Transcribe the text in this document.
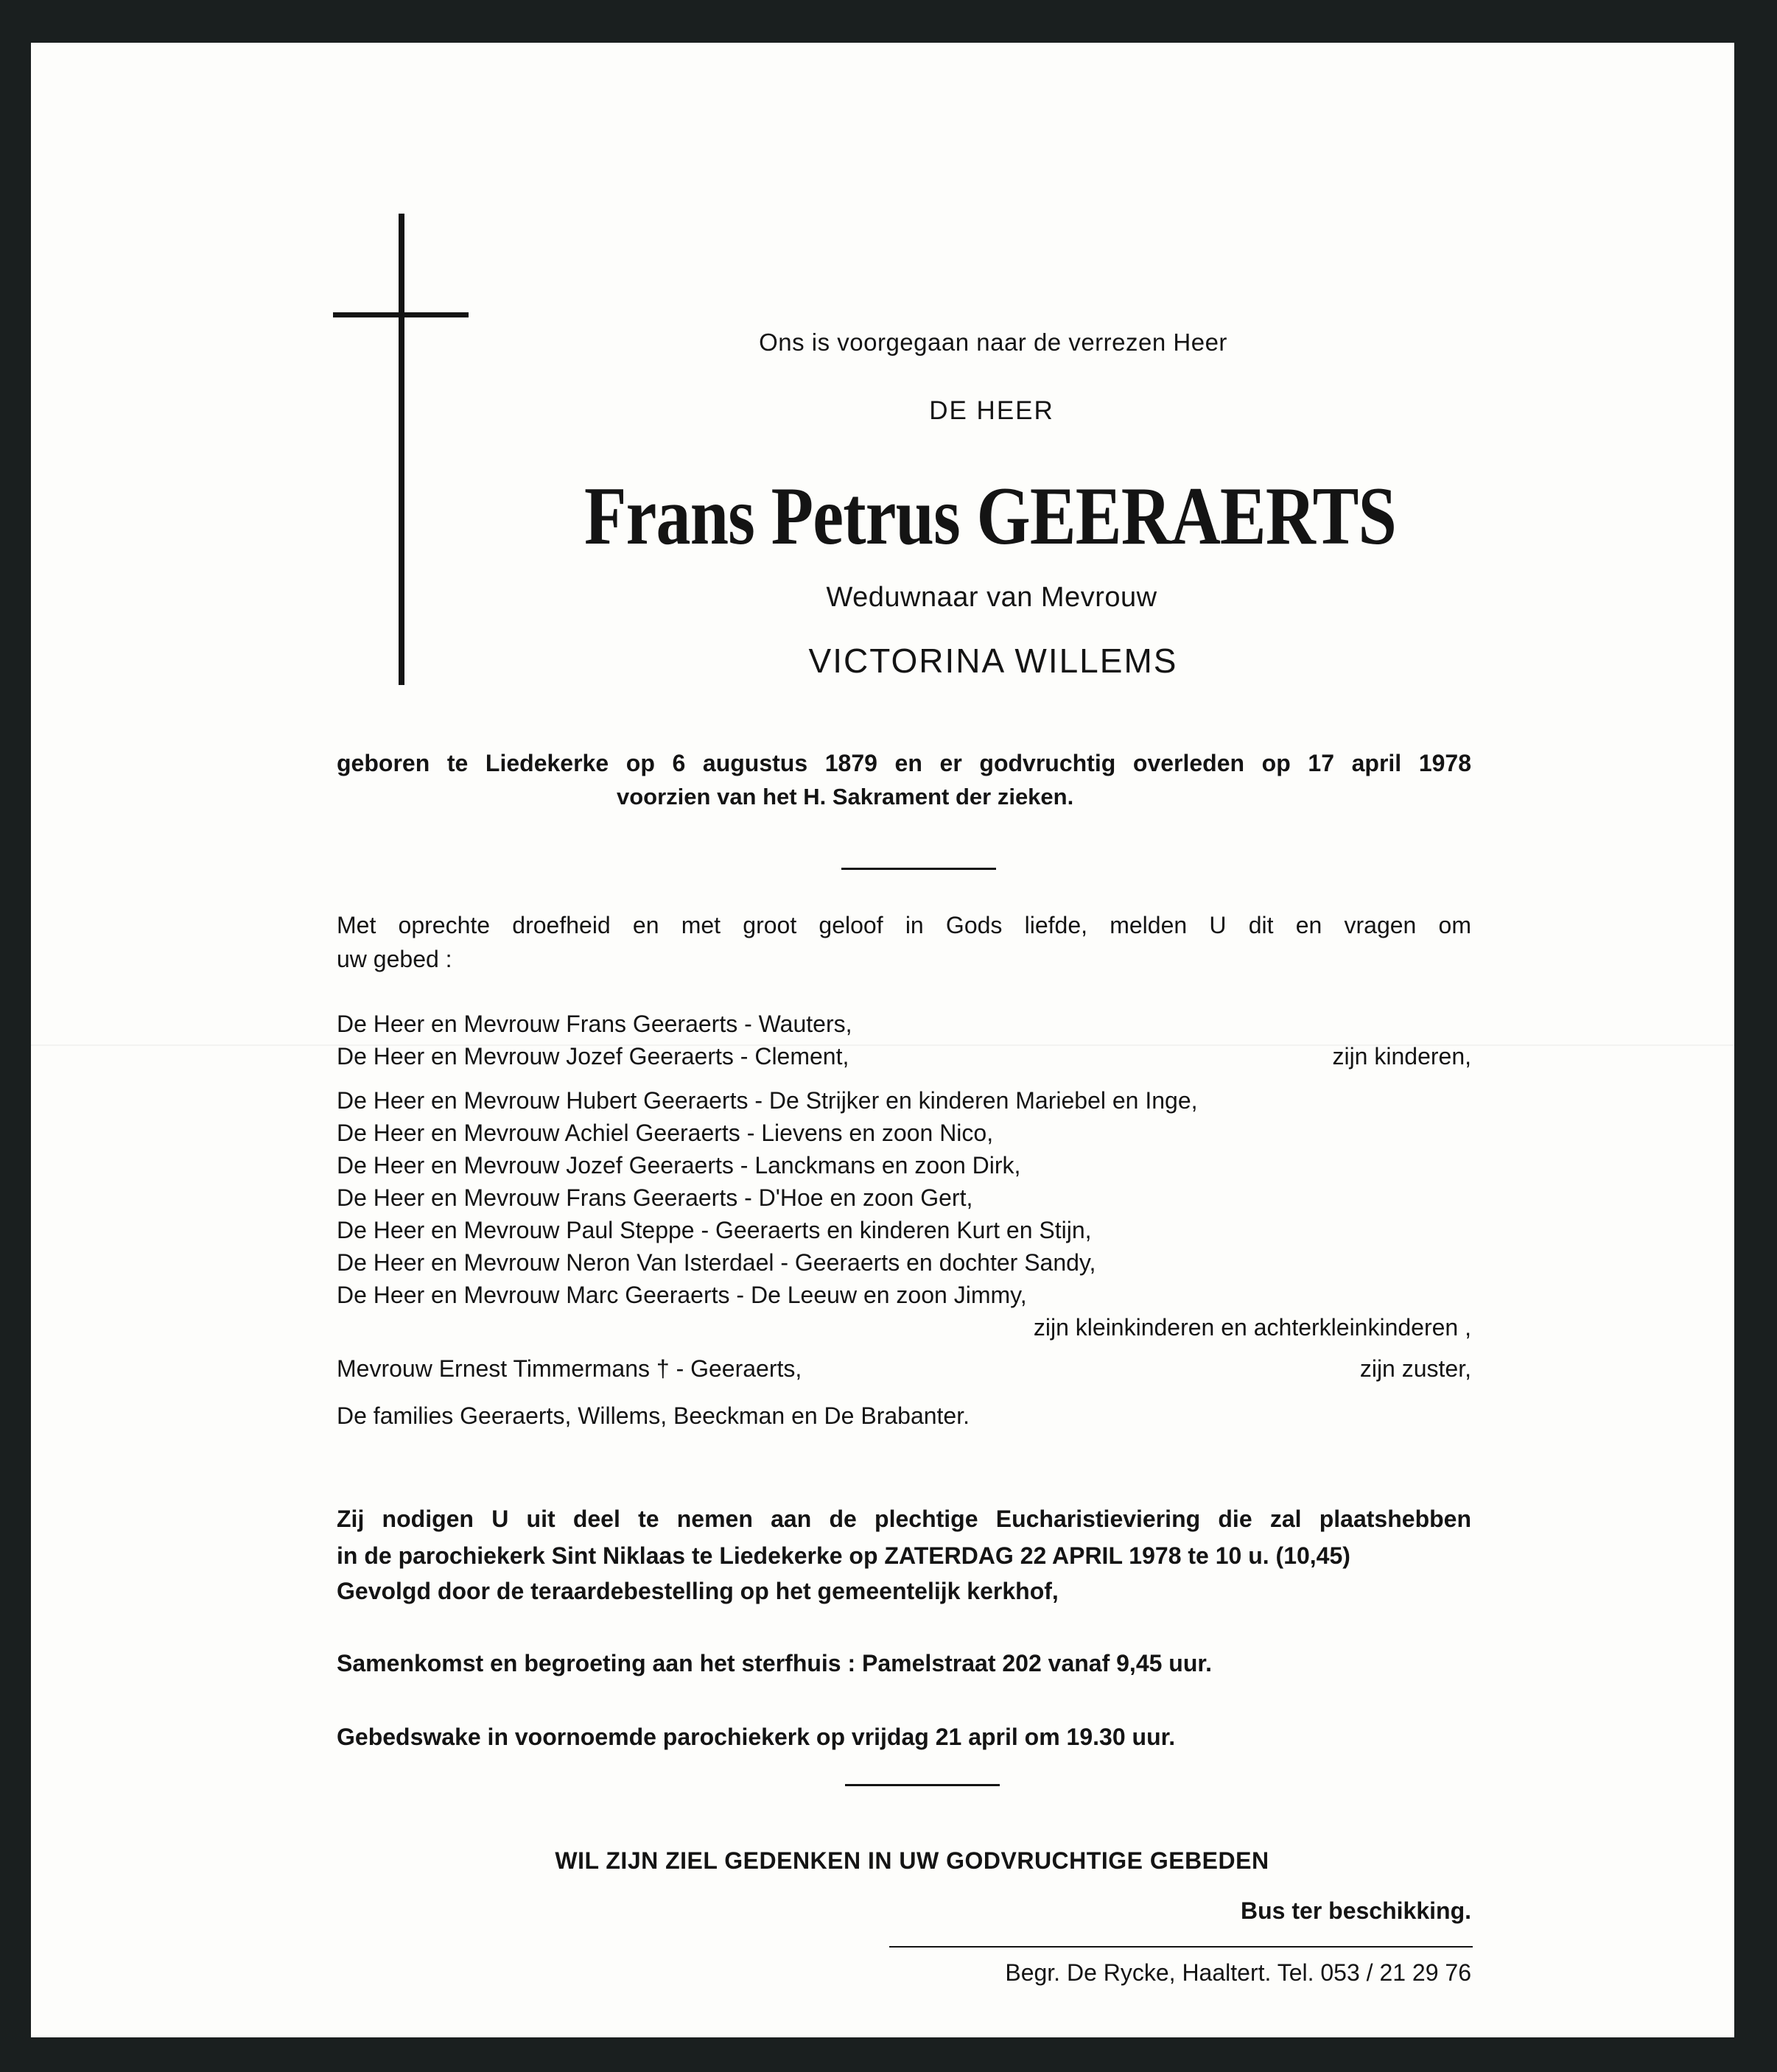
Ons is voorgegaan naar de verrezen Heer
DE HEER
Frans Petrus GEERAERTS
Weduwnaar van Mevrouw
VICTORINA WILLEMS
geboren te Liedekerke op 6 augustus 1879 en er godvruchtig overleden op 17 april 1978
voorzien van het H. Sakrament der zieken.
Met oprechte droefheid en met groot geloof in Gods liefde, melden U dit en vragen om
uw gebed :
De Heer en Mevrouw Frans Geeraerts - Wauters,
De Heer en Mevrouw Jozef Geeraerts - Clement,	zijn kinderen,
De Heer en Mevrouw Hubert Geeraerts - De Strijker en kinderen Mariebel en Inge,
De Heer en Mevrouw Achiel Geeraerts - Lievens en zoon Nico,
De Heer en Mevrouw Jozef Geeraerts - Lanckmans en zoon Dirk,
De Heer en Mevrouw Frans Geeraerts - D'Hoe en zoon Gert,
De Heer en Mevrouw Paul Steppe - Geeraerts en kinderen Kurt en Stijn,
De Heer en Mevrouw Neron Van Isterdael - Geeraerts en dochter Sandy,
De Heer en Mevrouw Marc Geeraerts - De Leeuw en zoon Jimmy,
zijn kleinkinderen en achterkleinkinderen ,
Mevrouw Ernest Timmermans † - Geeraerts,	zijn zuster,
De families Geeraerts, Willems, Beeckman en De Brabanter.
Zij nodigen U uit deel te nemen aan de plechtige Eucharistieviering die zal plaatshebben
in de parochiekerk Sint Niklaas te Liedekerke op ZATERDAG 22 APRIL 1978 te 10 u. (10,45)
Gevolgd door de teraardebestelling op het gemeentelijk kerkhof,
Samenkomst en begroeting aan het sterfhuis : Pamelstraat 202 vanaf 9,45 uur.
Gebedswake in voornoemde parochiekerk op vrijdag 21 april om 19.30 uur.
WIL ZIJN ZIEL GEDENKEN IN UW GODVRUCHTIGE GEBEDEN
Bus ter beschikking.
Begr. De Rycke, Haaltert. Tel. 053 / 21 29 76
